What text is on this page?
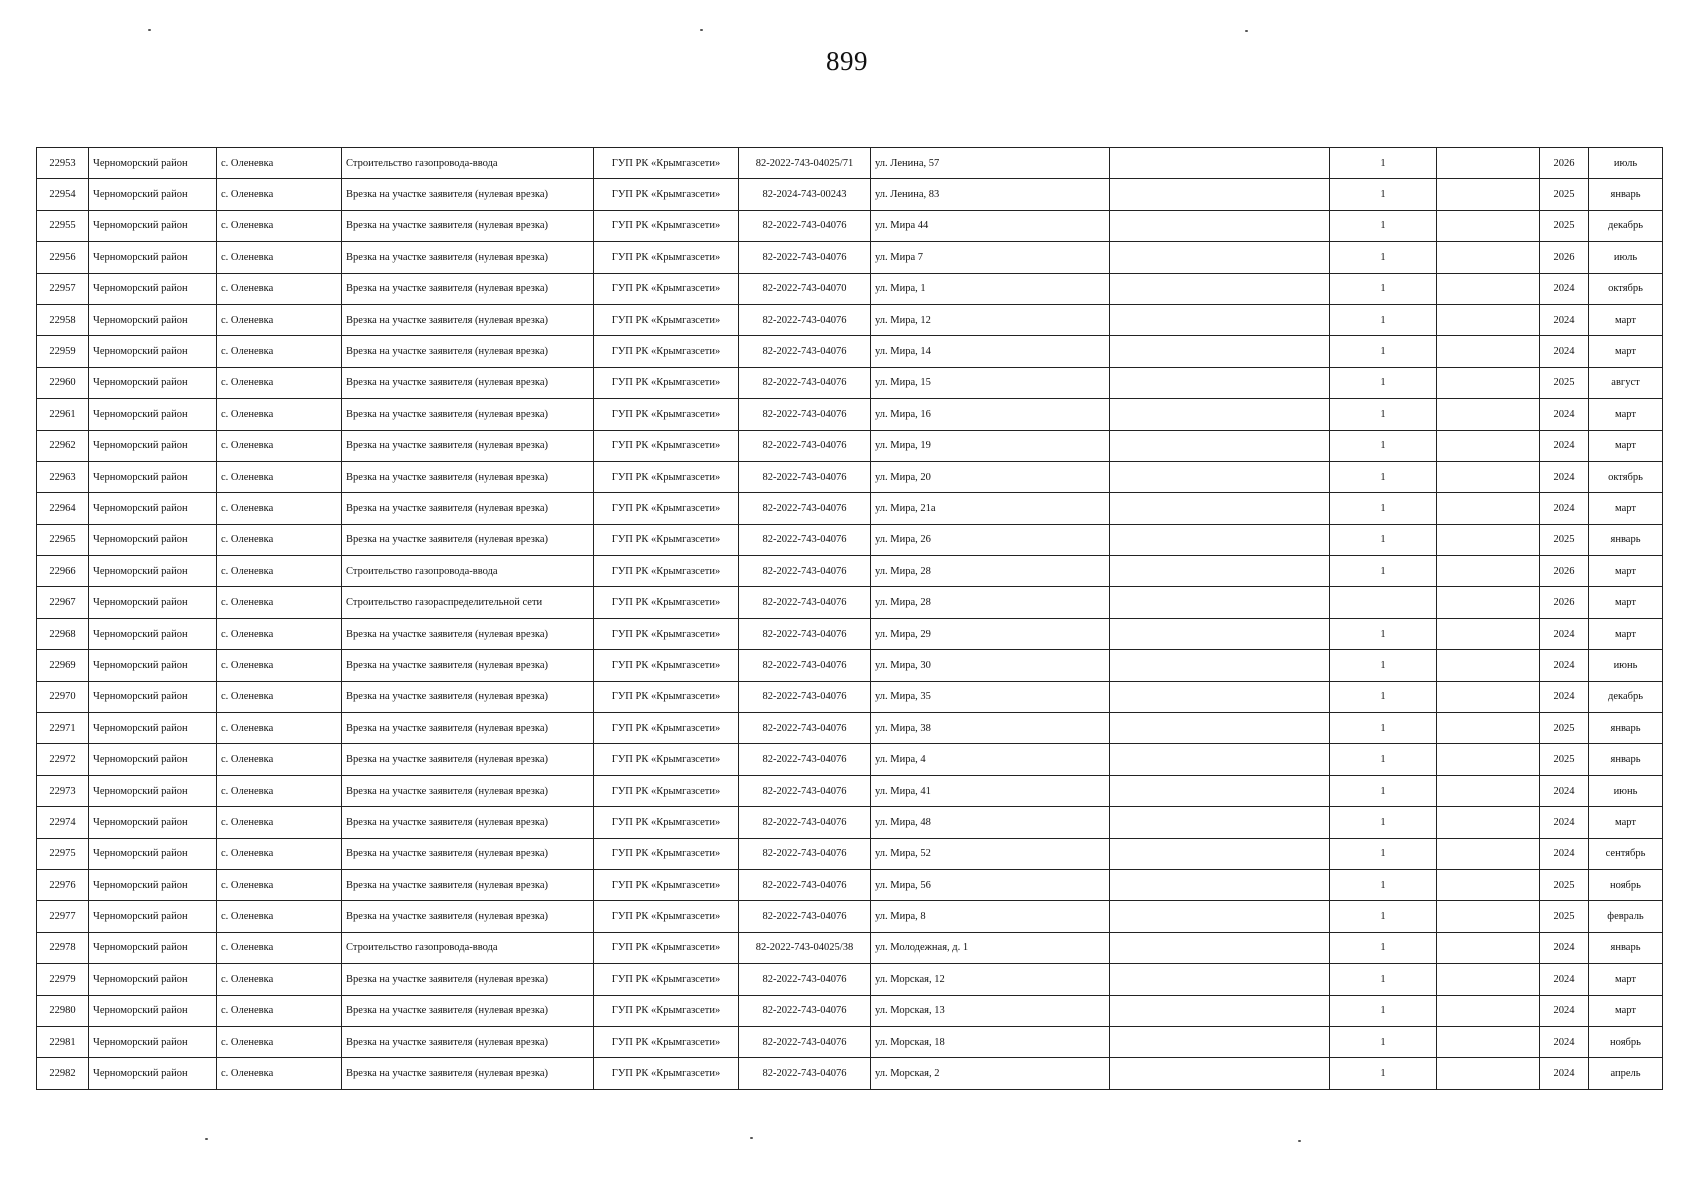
899
22953	Черноморский район	с. Оленевка	Строительство газопровода-ввода	ГУП РК «Крымгазсети»	82-2022-743-04025/71	ул. Ленина, 57		1		2026	июль
22954	Черноморский район	с. Оленевка	Врезка на участке заявителя (нулевая врезка)	ГУП РК «Крымгазсети»	82-2024-743-00243	ул. Ленина, 83		1		2025	январь
22955	Черноморский район	с. Оленевка	Врезка на участке заявителя (нулевая врезка)	ГУП РК «Крымгазсети»	82-2022-743-04076	ул. Мира 44		1		2025	декабрь
22956	Черноморский район	с. Оленевка	Врезка на участке заявителя (нулевая врезка)	ГУП РК «Крымгазсети»	82-2022-743-04076	ул. Мира 7		1		2026	июль
22957	Черноморский район	с. Оленевка	Врезка на участке заявителя (нулевая врезка)	ГУП РК «Крымгазсети»	82-2022-743-04070	ул. Мира, 1		1		2024	октябрь
22958	Черноморский район	с. Оленевка	Врезка на участке заявителя (нулевая врезка)	ГУП РК «Крымгазсети»	82-2022-743-04076	ул. Мира, 12		1		2024	март
22959	Черноморский район	с. Оленевка	Врезка на участке заявителя (нулевая врезка)	ГУП РК «Крымгазсети»	82-2022-743-04076	ул. Мира, 14		1		2024	март
22960	Черноморский район	с. Оленевка	Врезка на участке заявителя (нулевая врезка)	ГУП РК «Крымгазсети»	82-2022-743-04076	ул. Мира, 15		1		2025	август
22961	Черноморский район	с. Оленевка	Врезка на участке заявителя (нулевая врезка)	ГУП РК «Крымгазсети»	82-2022-743-04076	ул. Мира, 16		1		2024	март
22962	Черноморский район	с. Оленевка	Врезка на участке заявителя (нулевая врезка)	ГУП РК «Крымгазсети»	82-2022-743-04076	ул. Мира, 19		1		2024	март
22963	Черноморский район	с. Оленевка	Врезка на участке заявителя (нулевая врезка)	ГУП РК «Крымгазсети»	82-2022-743-04076	ул. Мира, 20		1		2024	октябрь
22964	Черноморский район	с. Оленевка	Врезка на участке заявителя (нулевая врезка)	ГУП РК «Крымгазсети»	82-2022-743-04076	ул. Мира, 21а		1		2024	март
22965	Черноморский район	с. Оленевка	Врезка на участке заявителя (нулевая врезка)	ГУП РК «Крымгазсети»	82-2022-743-04076	ул. Мира, 26		1		2025	январь
22966	Черноморский район	с. Оленевка	Строительство газопровода-ввода	ГУП РК «Крымгазсети»	82-2022-743-04076	ул. Мира, 28		1		2026	март
22967	Черноморский район	с. Оленевка	Строительство газораспределительной сети	ГУП РК «Крымгазсети»	82-2022-743-04076	ул. Мира, 28				2026	март
22968	Черноморский район	с. Оленевка	Врезка на участке заявителя (нулевая врезка)	ГУП РК «Крымгазсети»	82-2022-743-04076	ул. Мира, 29		1		2024	март
22969	Черноморский район	с. Оленевка	Врезка на участке заявителя (нулевая врезка)	ГУП РК «Крымгазсети»	82-2022-743-04076	ул. Мира, 30		1		2024	июнь
22970	Черноморский район	с. Оленевка	Врезка на участке заявителя (нулевая врезка)	ГУП РК «Крымгазсети»	82-2022-743-04076	ул. Мира, 35		1		2024	декабрь
22971	Черноморский район	с. Оленевка	Врезка на участке заявителя (нулевая врезка)	ГУП РК «Крымгазсети»	82-2022-743-04076	ул. Мира, 38		1		2025	январь
22972	Черноморский район	с. Оленевка	Врезка на участке заявителя (нулевая врезка)	ГУП РК «Крымгазсети»	82-2022-743-04076	ул. Мира, 4		1		2025	январь
22973	Черноморский район	с. Оленевка	Врезка на участке заявителя (нулевая врезка)	ГУП РК «Крымгазсети»	82-2022-743-04076	ул. Мира, 41		1		2024	июнь
22974	Черноморский район	с. Оленевка	Врезка на участке заявителя (нулевая врезка)	ГУП РК «Крымгазсети»	82-2022-743-04076	ул. Мира, 48		1		2024	март
22975	Черноморский район	с. Оленевка	Врезка на участке заявителя (нулевая врезка)	ГУП РК «Крымгазсети»	82-2022-743-04076	ул. Мира, 52		1		2024	сентябрь
22976	Черноморский район	с. Оленевка	Врезка на участке заявителя (нулевая врезка)	ГУП РК «Крымгазсети»	82-2022-743-04076	ул. Мира, 56		1		2025	ноябрь
22977	Черноморский район	с. Оленевка	Врезка на участке заявителя (нулевая врезка)	ГУП РК «Крымгазсети»	82-2022-743-04076	ул. Мира, 8		1		2025	февраль
22978	Черноморский район	с. Оленевка	Строительство газопровода-ввода	ГУП РК «Крымгазсети»	82-2022-743-04025/38	ул. Молодежная, д. 1		1		2024	январь
22979	Черноморский район	с. Оленевка	Врезка на участке заявителя (нулевая врезка)	ГУП РК «Крымгазсети»	82-2022-743-04076	ул. Морская, 12		1		2024	март
22980	Черноморский район	с. Оленевка	Врезка на участке заявителя (нулевая врезка)	ГУП РК «Крымгазсети»	82-2022-743-04076	ул. Морская, 13		1		2024	март
22981	Черноморский район	с. Оленевка	Врезка на участке заявителя (нулевая врезка)	ГУП РК «Крымгазсети»	82-2022-743-04076	ул. Морская, 18		1		2024	ноябрь
22982	Черноморский район	с. Оленевка	Врезка на участке заявителя (нулевая врезка)	ГУП РК «Крымгазсети»	82-2022-743-04076	ул. Морская, 2		1		2024	апрель
